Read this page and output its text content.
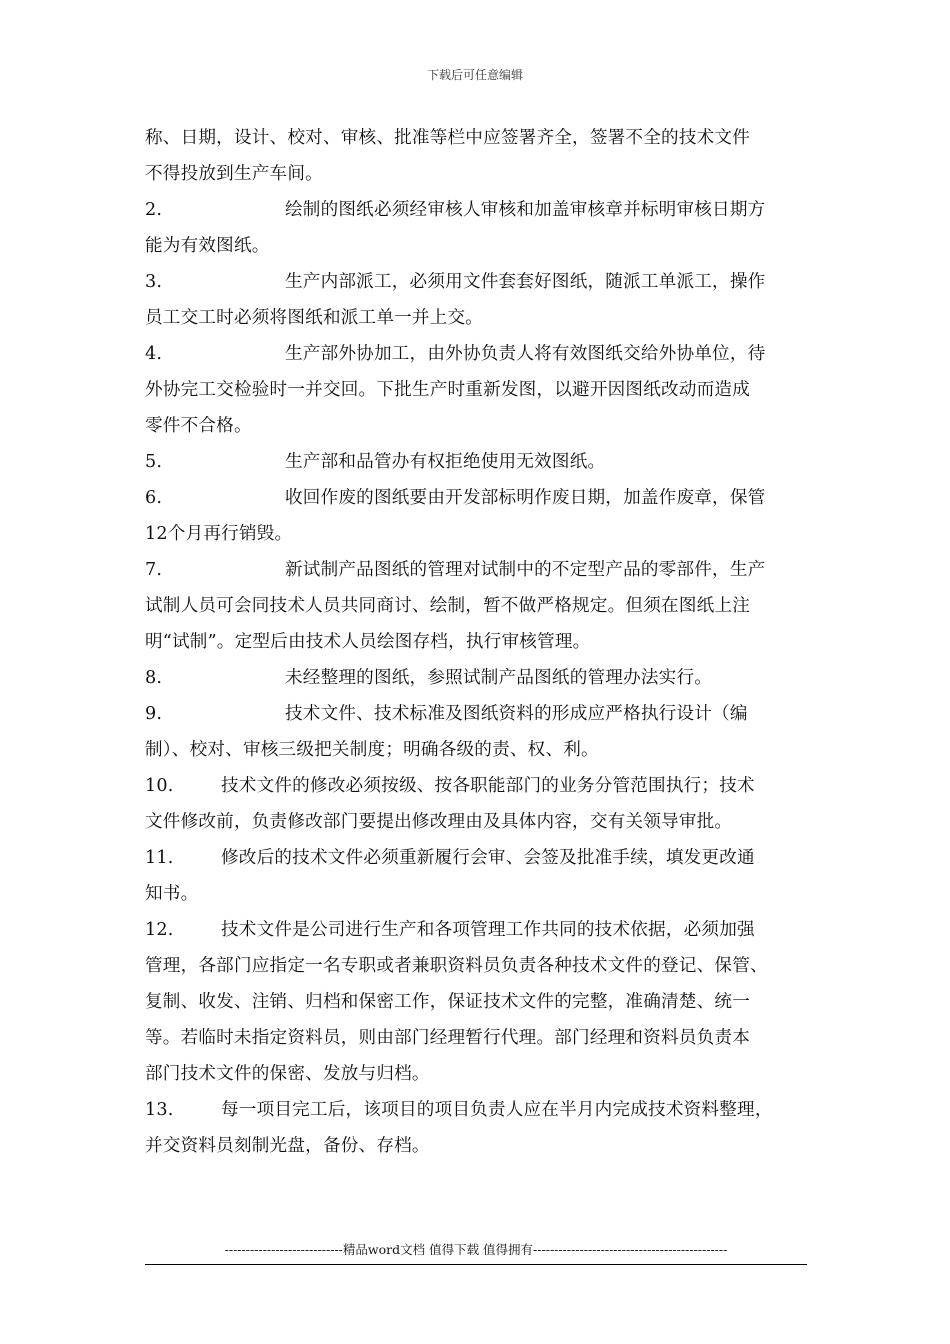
下载后可任意编辑
称、日期，设计、校对、审核、批准等栏中应签署齐全，签署不全的技术文件
不得投放到生产车间。
2.	绘制的图纸必须经审核人审核和加盖审核章并标明审核日期方
能为有效图纸。
3.	生产内部派工，必须用文件套套好图纸，随派工单派工，操作
员工交工时必须将图纸和派工单一并上交。
4.	生产部外协加工，由外协负责人将有效图纸交给外协单位，待
外协完工交检验时一并交回。下批生产时重新发图，以避开因图纸改动而造成
零件不合格。
5.	生产部和品管办有权拒绝使用无效图纸。
6.	收回作废的图纸要由开发部标明作废日期，加盖作废章，保管
12个月再行销毁。
7.	新试制产品图纸的管理对试制中的不定型产品的零部件，生产
试制人员可会同技术人员共同商讨、绘制，暂不做严格规定。但须在图纸上注
明“试制”。定型后由技术人员绘图存档，执行审核管理。
8.	未经整理的图纸，参照试制产品图纸的管理办法实行。
9.	技术文件、技术标准及图纸资料的形成应严格执行设计（编
制）、校对、审核三级把关制度；明确各级的责、权、利。
10.	技术文件的修改必须按级、按各职能部门的业务分管范围执行；技术
文件修改前，负责修改部门要提出修改理由及具体内容，交有关领导审批。
11.	修改后的技术文件必须重新履行会审、会签及批准手续，填发更改通
知书。
12.	技术文件是公司进行生产和各项管理工作共同的技术依据，必须加强
管理，各部门应指定一名专职或者兼职资料员负责各种技术文件的登记、保管、
复制、收发、注销、归档和保密工作，保证技术文件的完整，准确清楚、统一
等。若临时未指定资料员，则由部门经理暂行代理。部门经理和资料员负责本
部门技术文件的保密、发放与归档。
13.	每一项目完工后，该项目的项目负责人应在半月内完成技术资料整理，
并交资料员刻制光盘，备份、存档。
----------------------------精品word文档 值得下载 值得拥有----------------------------------------------
